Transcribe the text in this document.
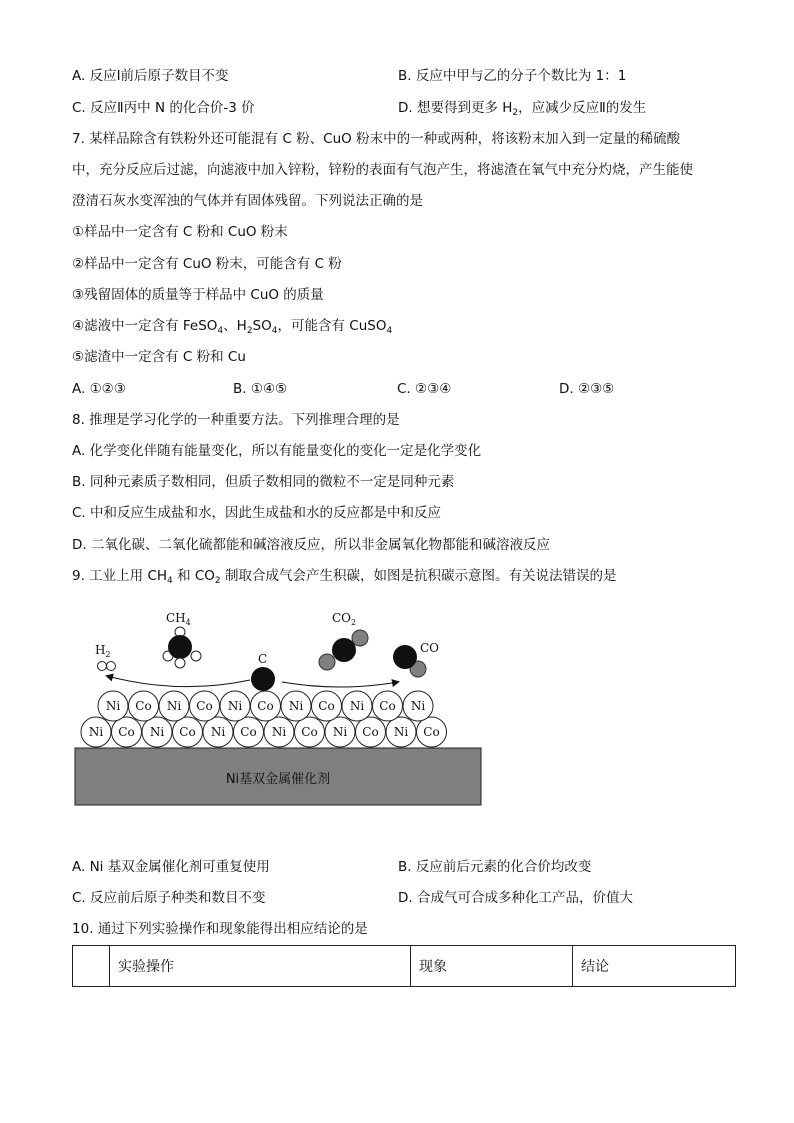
A. 反应Ⅰ前后原子数目不变	B. 反应中甲与乙的分子个数比为 1：1
C. 反应Ⅱ丙中 N 的化合价-3 价	D. 想要得到更多 $H_2$，应减少反应Ⅱ的发生
7. 某样品除含有铁粉外还可能混有 C 粉、CuO 粉末中的一种或两种，将该粉末加入到一定量的稀硫酸
中，充分反应后过滤，向滤液中加入锌粉，锌粉的表面有气泡产生，将滤渣在氧气中充分灼烧，产生能使
澄清石灰水变浑浊的气体并有固体残留。下列说法正确的是
①样品中一定含有 C 粉和 CuO 粉末
②样品中一定含有 CuO 粉末，可能含有 C 粉
③残留固体的质量等于样品中 CuO 的质量
④滤液中一定含有 FeSO$_4$、$H_2SO_4$，可能含有 CuSO$_4$
⑤滤渣中一定含有 C 粉和 Cu
A. ①②③	B. ①④⑤	C. ②③④	D. ②③⑤
8. 推理是学习化学的一种重要方法。下列推理合理的是
A. 化学变化伴随有能量变化，所以有能量变化的变化一定是化学变化
B. 同种元素质子数相同，但质子数相同的微粒不一定是同种元素
C. 中和反应生成盐和水，因此生成盐和水的反应都是中和反应
D. 二氧化碳、二氧化硫都能和碱溶液反应，所以非金属氧化物都能和碱溶液反应
9. 工业上用 $CH_4$ 和 $CO_2$ 制取合成气会产生积碳，如图是抗积碳示意图。有关说法错误的是
Ni基双金属催化剂
Ni Co Ni Co Ni Co Ni Co Ni Co Ni Co
Ni Co Ni Co Ni Co Ni Co Ni Co Ni
$H_2$
$CH_4$
C
$CO_2$
CO
A. Ni 基双金属催化剂可重复使用	B. 反应前后元素的化合价均改变
C. 反应前后原子种类和数目不变	D. 合成气可合成多种化工产品，价值大
10. 通过下列实验操作和现象能得出相应结论的是
	实验操作	现象	结论
